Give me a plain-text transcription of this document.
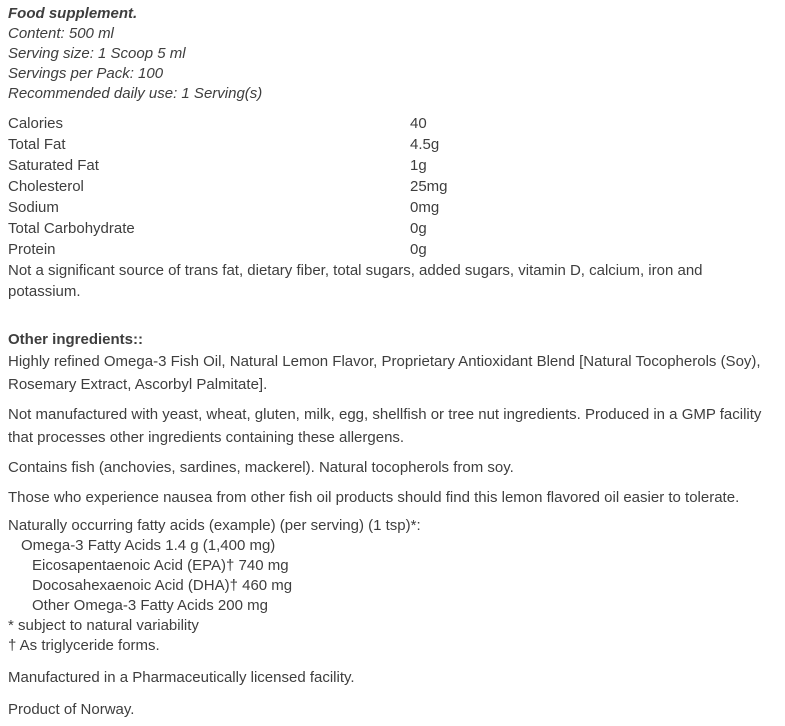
Food supplement.

Content: 500 ml

Serving size: 1 Scoop 5 ml

Servings per Pack: 100

Recommended daily use: 1 Serving(s)

Calories	40
Total Fat	4.5g
Saturated Fat	1g
Cholesterol	25mg
Sodium	0mg
Total Carbohydrate	0g
Protein	0g

Not a significant source of trans fat, dietary fiber, total sugars, added sugars, vitamin D, calcium, iron and potassium.

Other ingredients::

Highly refined Omega-3 Fish Oil, Natural Lemon Flavor, Proprietary Antioxidant Blend [Natural Tocopherols (Soy), Rosemary Extract, Ascorbyl Palmitate].

Not manufactured with yeast, wheat, gluten, milk, egg, shellfish or tree nut ingredients. Produced in a GMP facility that processes other ingredients containing these allergens.

Contains fish (anchovies, sardines, mackerel). Natural tocopherols from soy.

Those who experience nausea from other fish oil products should find this lemon flavored oil easier to tolerate.

Naturally occurring fatty acids (example) (per serving) (1 tsp)*:

Omega-3 Fatty Acids 1.4 g (1,400 mg)

Eicosapentaenoic Acid (EPA)† 740 mg

Docosahexaenoic Acid (DHA)† 460 mg

Other Omega-3 Fatty Acids 200 mg

* subject to natural variability

† As triglyceride forms.

Manufactured in a Pharmaceutically licensed facility.

Product of Norway.
